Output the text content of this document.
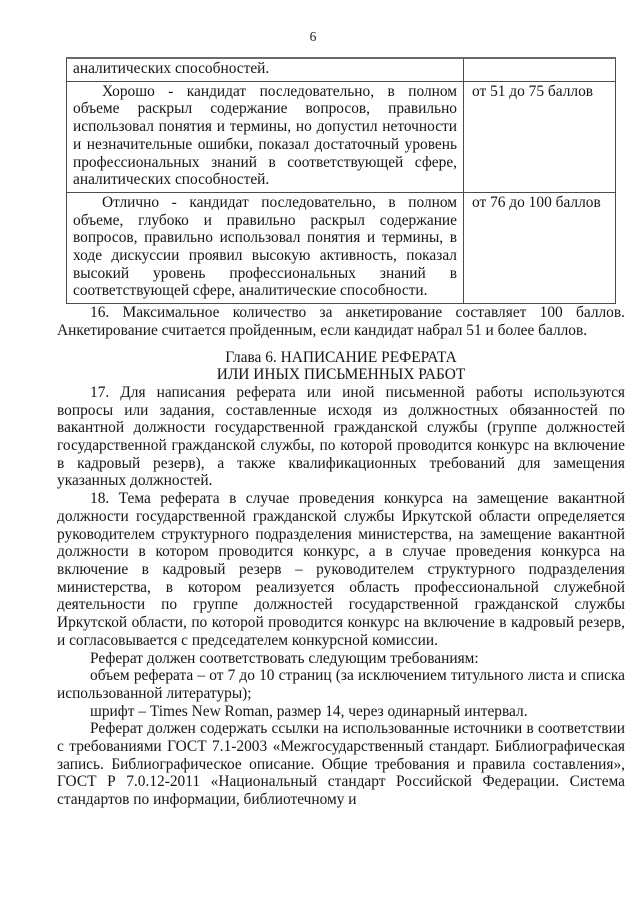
6
аналитических способностей.	
Хорошо - кандидат последовательно, в полном объеме раскрыл содержание вопросов, правильно использовал понятия и термины, но допустил неточности и незначительные ошибки, показал достаточный уровень профессиональных знаний в соответствующей сфере, аналитических способностей.	от 51 до 75 баллов
Отлично - кандидат последовательно, в полном объеме, глубоко и правильно раскрыл содержание вопросов, правильно использовал понятия и термины, в ходе дискуссии проявил высокую активность, показал высокий уровень профессиональных знаний в соответствующей сфере, аналитические способности.	от 76 до 100 баллов

16. Максимальное количество за анкетирование составляет 100 баллов. Анкетирование считается пройденным, если кандидат набрал 51 и более баллов.

Глава 6. НАПИСАНИЕ РЕФЕРАТА
ИЛИ ИНЫХ ПИСЬМЕННЫХ РАБОТ

17. Для написания реферата или иной письменной работы используются вопросы или задания, составленные исходя из должностных обязанностей по вакантной должности государственной гражданской службы (группе должностей государственной гражданской службы, по которой проводится конкурс на включение в кадровый резерв), а также квалификационных требований для замещения указанных должностей.

18. Тема реферата в случае проведения конкурса на замещение вакантной должности государственной гражданской службы Иркутской области определяется руководителем структурного подразделения министерства, на замещение вакантной должности в котором проводится конкурс, а в случае проведения конкурса на включение в кадровый резерв – руководителем структурного подразделения министерства, в котором реализуется область профессиональной служебной деятельности по группе должностей государственной гражданской службы Иркутской области, по которой проводится конкурс на включение в кадровый резерв, и согласовывается с председателем конкурсной комиссии.

Реферат должен соответствовать следующим требованиям:

объем реферата – от 7 до 10 страниц (за исключением титульного листа и списка использованной литературы);

шрифт – Times New Roman, размер 14, через одинарный интервал.

Реферат должен содержать ссылки на использованные источники в соответствии с требованиями ГОСТ 7.1-2003 «Межгосударственный стандарт. Библиографическая запись. Библиографическое описание. Общие требования и правила составления», ГОСТ Р 7.0.12-2011 «Национальный стандарт Российской Федерации. Система стандартов по информации, библиотечному и
